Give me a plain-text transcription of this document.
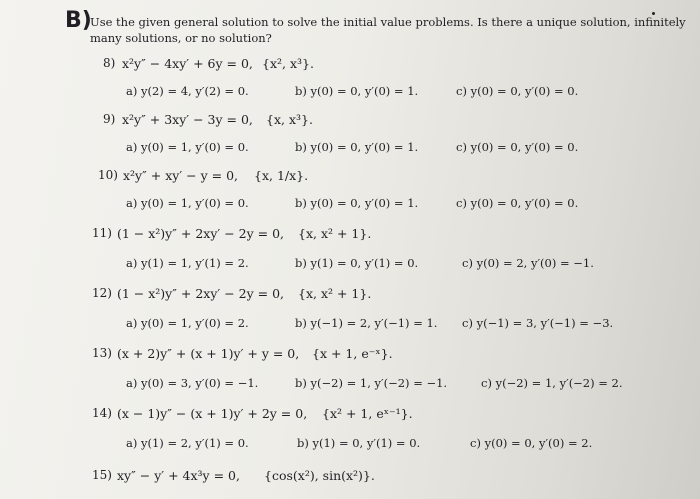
B)
Use the given general solution to solve the initial value problems. Is there a unique solution, infinitely many solutions, or no solution?
8) x²y″ − 4xy′ + 6y = 0, {x², x³}.
a) y(2) = 4, y′(2) = 0.	b) y(0) = 0, y′(0) = 1.	c) y(0) = 0, y′(0) = 0.
9) x²y″ + 3xy′ − 3y = 0, {x, x³}.
a) y(0) = 1, y′(0) = 0.	b) y(0) = 0, y′(0) = 1.	c) y(0) = 0, y′(0) = 0.
10) x²y″ + xy′ − y = 0, {x, 1/x}.
a) y(0) = 1, y′(0) = 0.	b) y(0) = 0, y′(0) = 1.	c) y(0) = 0, y′(0) = 0.
11) (1 − x²)y″ + 2xy′ − 2y = 0, {x, x² + 1}.
a) y(1) = 1, y′(1) = 2.	b) y(1) = 0, y′(1) = 0.	c) y(0) = 2, y′(0) = −1.
12) (1 − x²)y″ + 2xy′ − 2y = 0, {x, x² + 1}.
a) y(0) = 1, y′(0) = 2.	b) y(−1) = 2, y′(−1) = 1. c) y(−1) = 3, y′(−1) = −3.
13) (x + 2)y″ + (x + 1)y′ + y = 0, {x + 1, e⁻ˣ}.
a) y(0) = 3, y′(0) = −1.	b) y(−2) = 1, y′(−2) = −1.	c) y(−2) = 1, y′(−2) = 2.
14) (x − 1)y″ − (x + 1)y′ + 2y = 0, {x² + 1, eˣ⁻¹}.
a) y(1) = 2, y′(1) = 0.	b) y(1) = 0, y′(1) = 0.	c) y(0) = 0, y′(0) = 2.
15) xy″ − y′ + 4x³y = 0, {cos(x²), sin(x²)}.
